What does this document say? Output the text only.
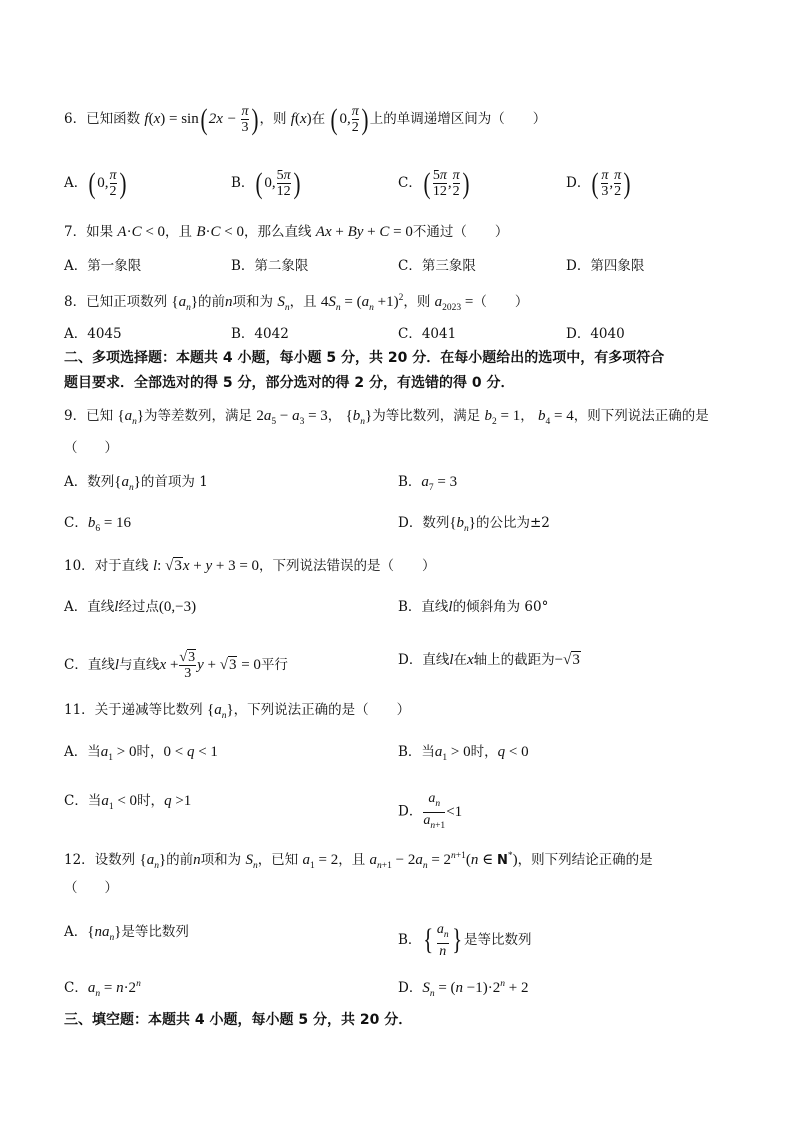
6．已知函数 f(x) = sin( $2x - \frac{\pi}{3}$ ) ，则 f(x)在 ( 0, $\frac{\pi}{2}$ ) 上的单调递增区间为（ ）
A．( 0, $\frac{\pi}{2}$ )	B．( 0, $\frac{5\pi}{12}$ )	C．( $\frac{5\pi}{12}$ , $\frac{\pi}{2}$ )	D．( $\frac{\pi}{3}$ , $\frac{\pi}{2}$ )
7．如果 A·C < 0，且 B·C < 0，那么直线 Ax + By + C = 0不通过（ ）
A．第一象限	B．第二象限	C．第三象限	D．第四象限
8．已知正项数列 $\{a_n\}$的前n项和为 $S_n$，且 $4S_n = (a_n +1)^2$，则 $a_{2023}$ =（ ）
A．4045	B．4042	C．4041	D．4040
二、多项选择题：本题共 4 小题，每小题 5 分，共 20 分．在每小题给出的选项中，有多项符合
题目要求．全部选对的得 5 分，部分选对的得 2 分，有选错的得 0 分．
9．已知 $\{a_n\}$为等差数列，满足 $2a_5 - a_3 = 3$， $\{b_n\}$为等比数列，满足 $b_2 = 1$， $b_4 = 4$，则下列说法正确的是
（　　）
A．数列$\{a_n\}$的首项为 1	B．$a_7 = 3$
C．$b_6 = 16$	D．数列$\{b_n\}$的公比为±2
10．对于直线 l: √3x + y + 3 = 0，下列说法错误的是（ ）
A．直线l经过点(0,−3)	B．直线l的倾斜角为 60°
C．直线l与直线$x + \frac{√3}{3}$ y + √3 = 0平行	D．直线l在x轴上的截距为−√3
11．关于递减等比数列 $\{a_n\}$，下列说法正确的是（ ）
A．当$a_1 > 0$时，0 < q < 1	B．当$a_1 > 0$时，q < 0
C．当$a_1 < 0$时，q >1
D． $\frac{a_n}{a_{n+1}} <1$
12．设数列 $\{a_n\}$的前n项和为 $S_n$，已知 $a_1 = 2$，且 $a_{n+1} - 2a_n = 2^{n+1}(n$ ∈ N*)，则下列结论正确的是
（　　）
A．$\{na_n\}$是等比数列	B．{ $\frac{a_n}{n}$ } 是等比数列
C．$a_n = n\cdot 2^n$	D．$S_n = (n -1)\cdot 2^n + 2$
三、填空题：本题共 4 小题，每小题 5 分，共 20 分．
